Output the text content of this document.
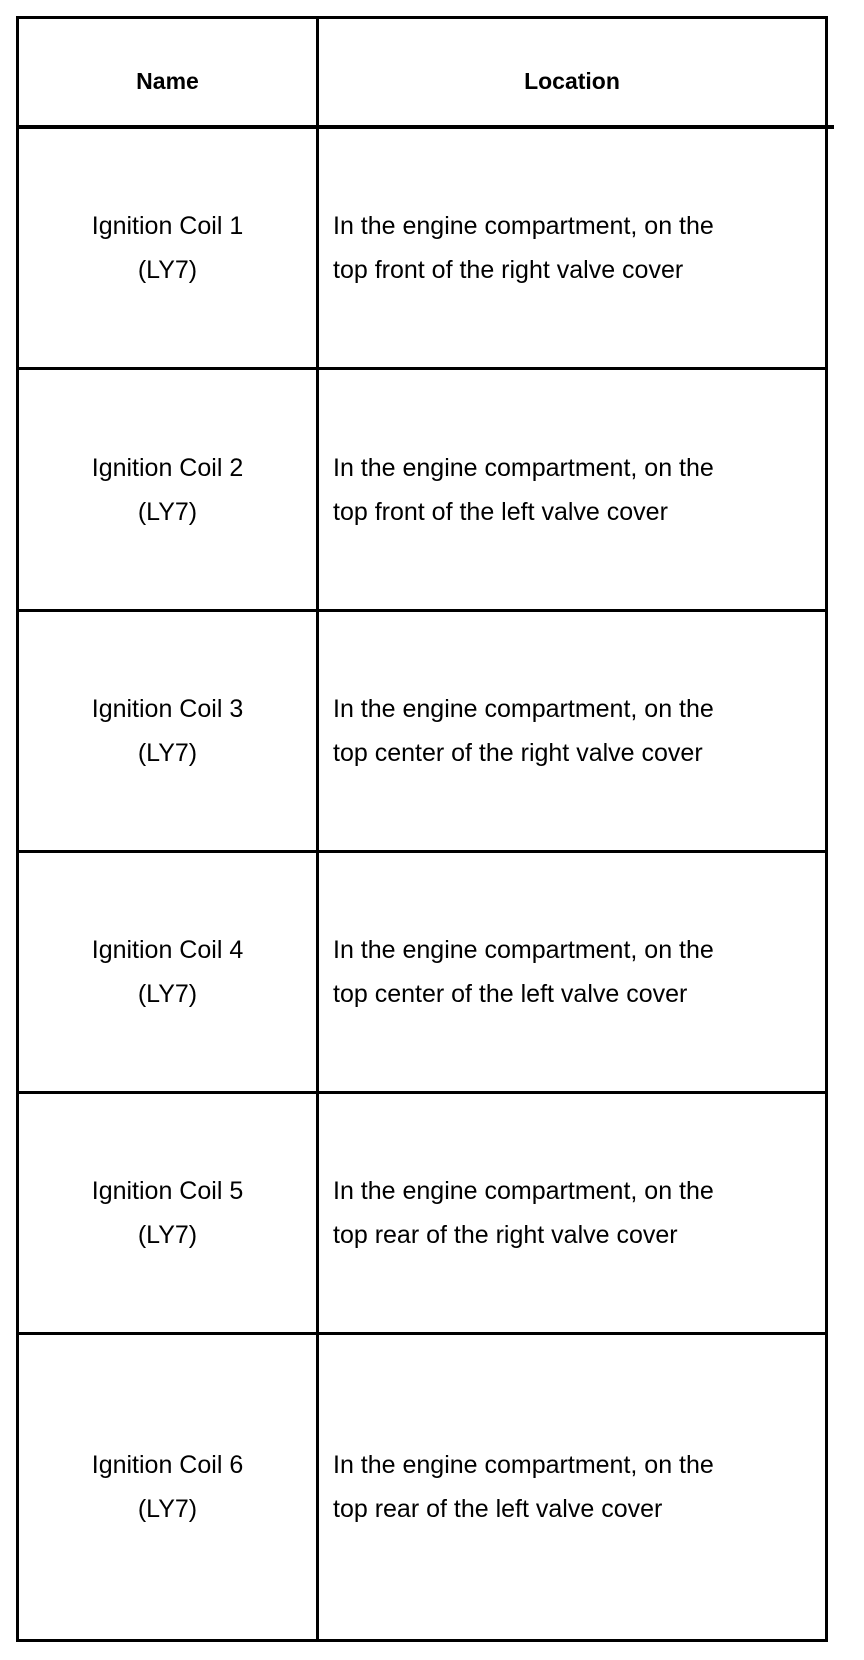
Name	Location
Ignition Coil 1
(LY7)
In the engine compartment, on the
top front of the right valve cover
Ignition Coil 2
(LY7)
In the engine compartment, on the
top front of the left valve cover
Ignition Coil 3
(LY7)
In the engine compartment, on the
top center of the right valve cover
Ignition Coil 4
(LY7)
In the engine compartment, on the
top center of the left valve cover
Ignition Coil 5
(LY7)
In the engine compartment, on the
top rear of the right valve cover
Ignition Coil 6
(LY7)
In the engine compartment, on the
top rear of the left valve cover
